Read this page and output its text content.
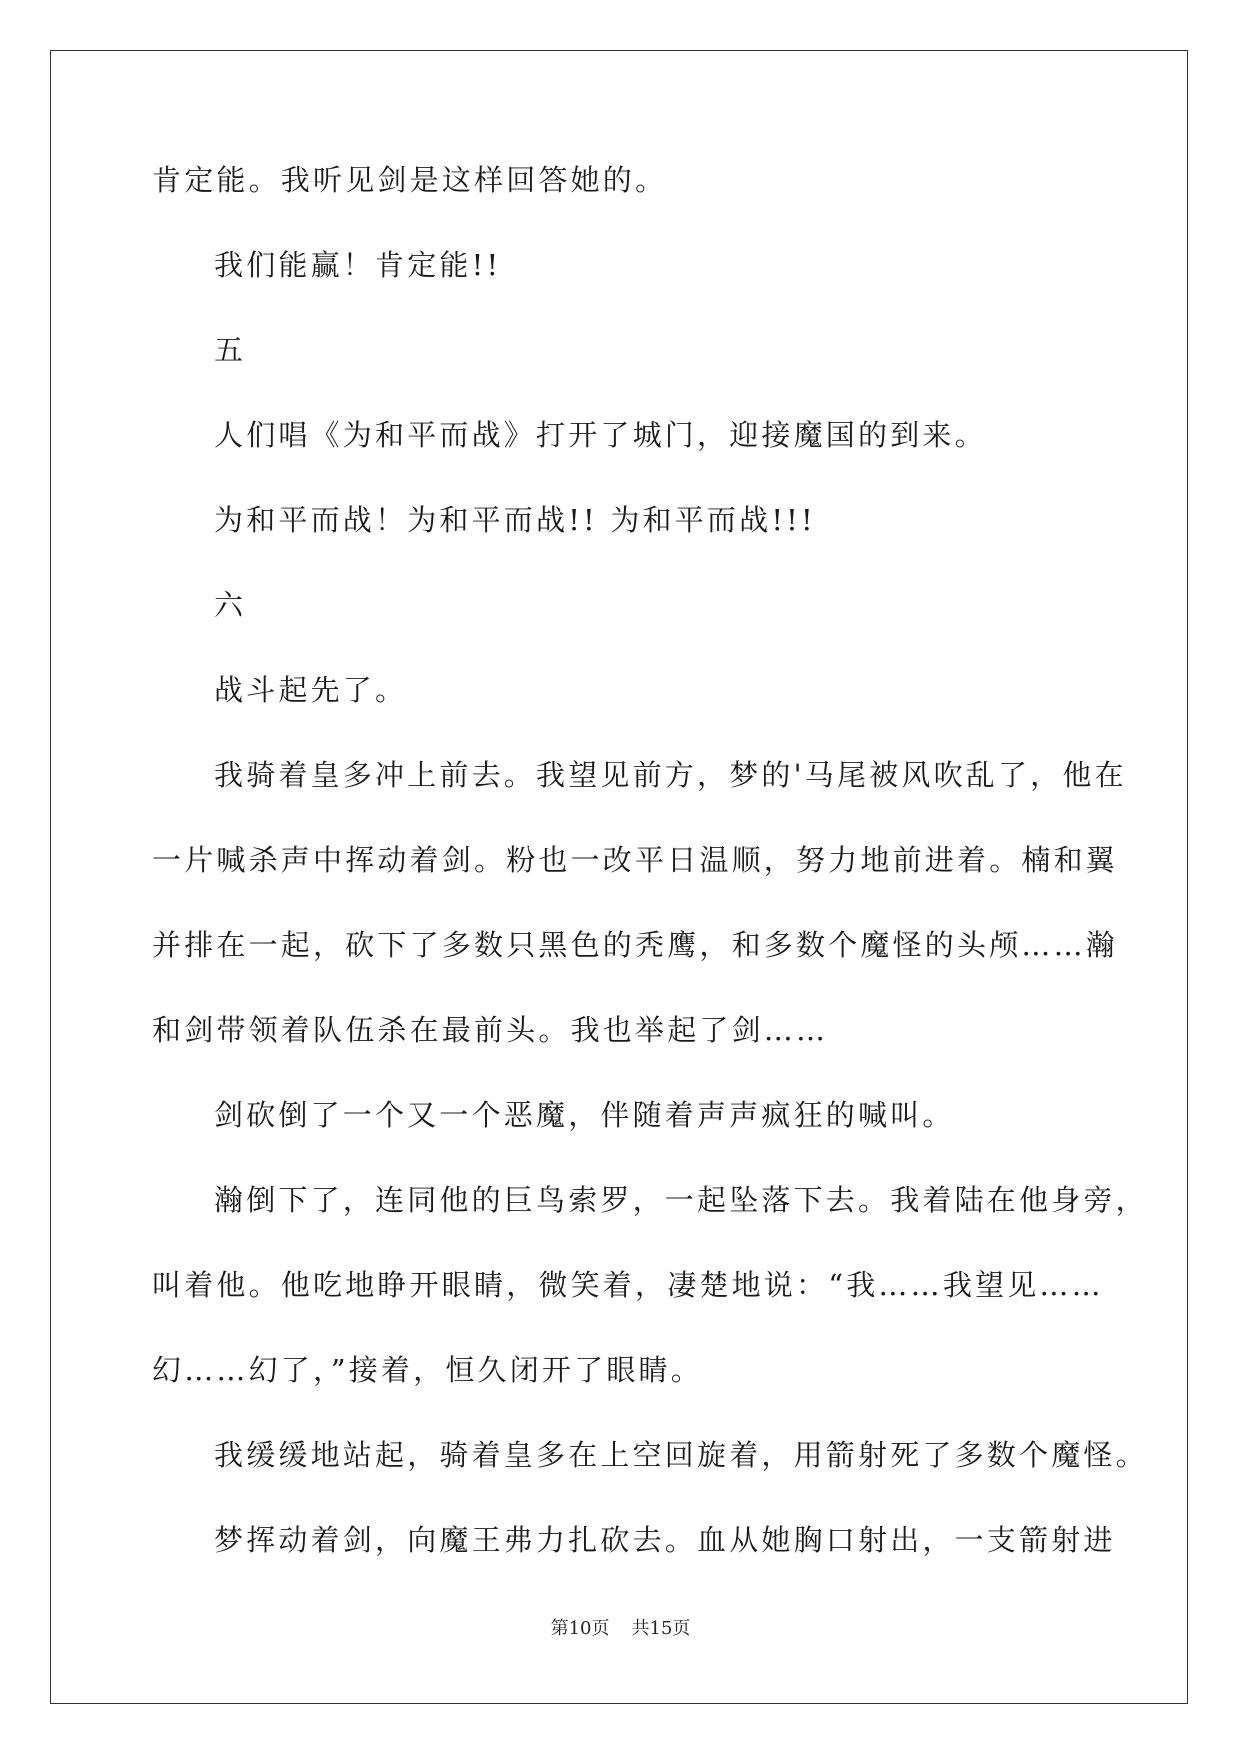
肯定能。我听见剑是这样回答她的。
我们能赢！肯定能!!
五
人们唱《为和平而战》打开了城门，迎接魔国的到来。
为和平而战！为和平而战!! 为和平而战!!!
六
战斗起先了。
我骑着皇多冲上前去。我望见前方，梦的'马尾被风吹乱了，他在
一片喊杀声中挥动着剑。粉也一改平日温顺，努力地前进着。楠和翼
并排在一起，砍下了多数只黑色的秃鹰，和多数个魔怪的头颅……瀚
和剑带领着队伍杀在最前头。我也举起了剑……
剑砍倒了一个又一个恶魔，伴随着声声疯狂的喊叫。
瀚倒下了，连同他的巨鸟索罗，一起坠落下去。我着陆在他身旁，
叫着他。他吃地睁开眼睛，微笑着，凄楚地说：“我……我望见……
幻……幻了，”接着，恒久闭开了眼睛。
我缓缓地站起，骑着皇多在上空回旋着，用箭射死了多数个魔怪。
梦挥动着剑，向魔王弗力扎砍去。血从她胸口射出，一支箭射进
第10页 共15页
